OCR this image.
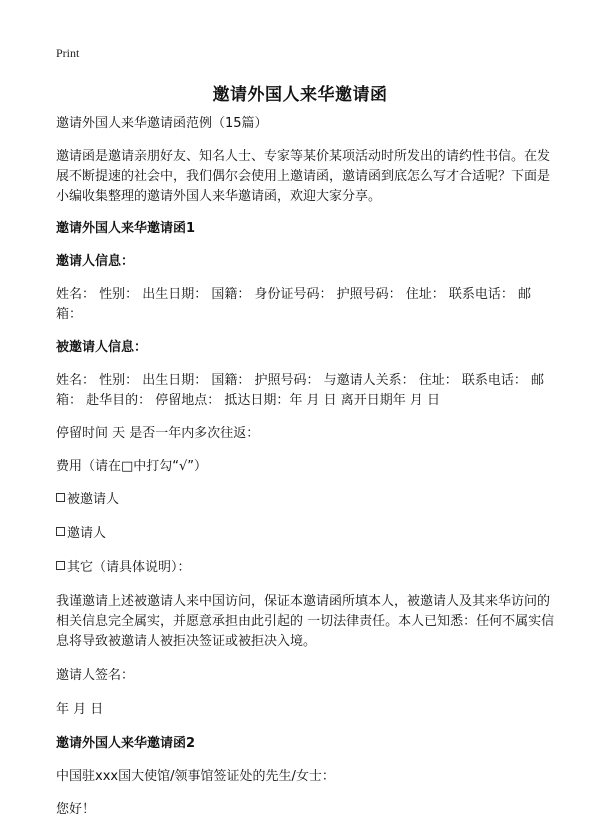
Print
邀请外国人来华邀请函

邀请外国人来华邀请函范例（15篇）

邀请函是邀请亲朋好友、知名人士、专家等某价某项活动时所发出的请约性书信。在发展不断提速的社会中，我们偶尔会使用上邀请函，邀请函到底怎么写才合适呢？下面是小编收集整理的邀请外国人来华邀请函，欢迎大家分享。

邀请外国人来华邀请函1

邀请人信息：

姓名： 性别： 出生日期： 国籍： 身份证号码： 护照号码： 住址： 联系电话： 邮箱：

被邀请人信息：

姓名： 性别： 出生日期： 国籍： 护照号码： 与邀请人关系： 住址： 联系电话： 邮箱： 赴华目的： 停留地点： 抵达日期：年 月 日 离开日期年 月 日

停留时间 天 是否一年内多次往返：

费用（请在□中打勾“√”）

被邀请人

邀请人

其它（请具体说明）：

我谨邀请上述被邀请人来中国访问，保证本邀请函所填本人，被邀请人及其来华访问的相关信息完全属实，并愿意承担由此引起的 一切法律责任。本人已知悉：任何不属实信息将导致被邀请人被拒决签证或被拒决入境。

邀请人签名：

年 月 日

邀请外国人来华邀请函2

中国驻xxx国大使馆/领事馆签证处的先生/女士：

您好！
